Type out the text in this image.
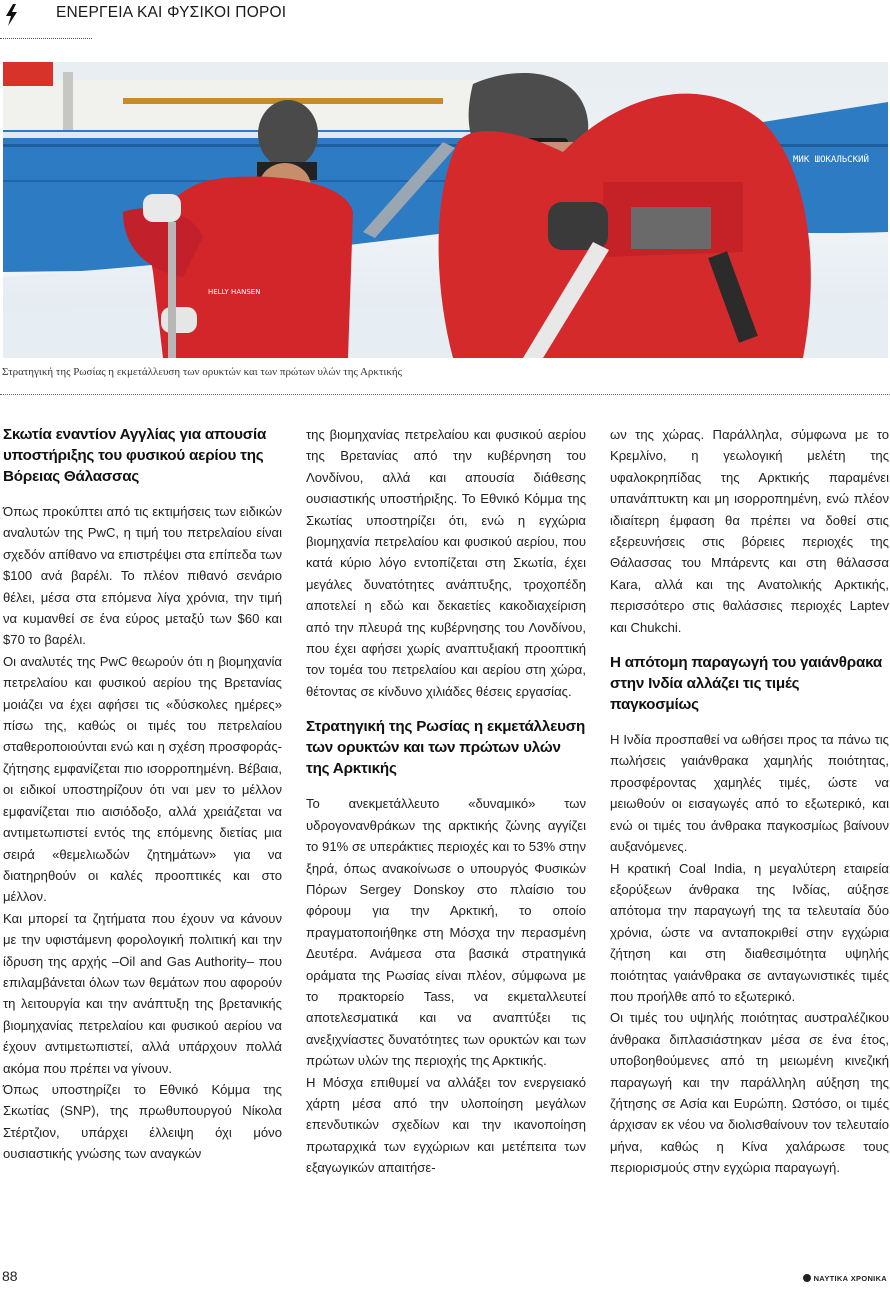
ΕΝΕΡΓΕΙΑ ΚΑΙ ΦΥΣΙΚΟΙ ΠΟΡΟΙ
МИК ШОКАЛЬСКИЙ
HELLY HANSEN
Στρατηγική της Ρωσίας η εκμετάλλευση των ορυκτών και των πρώτων υλών της Αρκτικής
Σκωτία εναντίον Αγγλίας για απουσία υποστήριξης του φυσικού αερίου της Βόρειας Θάλασσας

Όπως προκύπτει από τις εκτιμήσεις των ειδικών αναλυτών της PwC, η τιμή του πετρελαίου είναι σχεδόν απίθανο να επιστρέψει στα επίπεδα των $100 ανά βαρέλι. Το πλέον πιθανό σενάριο θέλει, μέσα στα επόμενα λίγα χρόνια, την τιμή να κυμανθεί σε ένα εύρος μεταξύ των $60 και $70 το βαρέλι.

Οι αναλυτές της PwC θεωρούν ότι η βιομηχανία πετρελαίου και φυσικού αερίου της Βρετανίας μοιάζει να έχει αφήσει τις «δύσκολες ημέρες» πίσω της, καθώς οι τιμές του πετρελαίου σταθεροποιούνται ενώ και η σχέση προσφοράς-ζήτησης εμφανίζεται πιο ισορροπημένη. Βέβαια, οι ειδικοί υποστηρίζουν ότι ναι μεν το μέλλον εμφανίζεται πιο αισιόδοξο, αλλά χρειάζεται να αντιμετωπιστεί εντός της επόμενης διετίας μια σειρά «θεμελιωδών ζητημάτων» για να διατηρηθούν οι καλές προοπτικές και στο μέλλον.

Και μπορεί τα ζητήματα που έχουν να κάνουν με την υφιστάμενη φορολογική πολιτική και την ίδρυση της αρχής –Oil and Gas Authority– που επιλαμβάνεται όλων των θεμάτων που αφορούν τη λειτουργία και την ανάπτυξη της βρετανικής βιομηχανίας πετρελαίου και φυσικού αερίου να έχουν αντιμετωπιστεί, αλλά υπάρχουν πολλά ακόμα που πρέπει να γίνουν.

Όπως υποστηρίζει το Εθνικό Κόμμα της Σκωτίας (SNP), της πρωθυπουργού Νίκολα Στέρτζιον, υπάρχει έλλειψη όχι μόνο ουσιαστικής γνώσης των αναγκών

της βιομηχανίας πετρελαίου και φυσικού αερίου της Βρετανίας από την κυβέρνηση του Λονδίνου, αλλά και απουσία διάθεσης ουσιαστικής υποστήριξης. Το Εθνικό Κόμμα της Σκωτίας υποστηρίζει ότι, ενώ η εγχώρια βιομηχανία πετρελαίου και φυσικού αερίου, που κατά κύριο λόγο εντοπίζεται στη Σκωτία, έχει μεγάλες δυνατότητες ανάπτυξης, τροχοπέδη αποτελεί η εδώ και δεκαετίες κακοδιαχείριση από την πλευρά της κυβέρνησης του Λονδίνου, που έχει αφήσει χωρίς αναπτυξιακή προοπτική τον τομέα του πετρελαίου και αερίου στη χώρα, θέτοντας σε κίνδυνο χιλιάδες θέσεις εργασίας.

Στρατηγική της Ρωσίας η εκμετάλλευση των ορυκτών και των πρώτων υλών της Αρκτικής

Το ανεκμετάλλευτο «δυναμικό» των υδρογονανθράκων της αρκτικής ζώνης αγγίζει το 91% σε υπεράκτιες περιοχές και το 53% στην ξηρά, όπως ανακοίνωσε ο υπουργός Φυσικών Πόρων Sergey Donskoy στο πλαίσιο του φόρουμ για την Αρκτική, το οποίο πραγματοποιήθηκε στη Μόσχα την περασμένη Δευτέρα. Ανάμεσα στα βασικά στρατηγικά οράματα της Ρωσίας είναι πλέον, σύμφωνα με το πρακτορείο Tass, να εκμεταλλευτεί αποτελεσματικά και να αναπτύξει τις ανεξιχνίαστες δυνατότητες των ορυκτών και των πρώτων υλών της περιοχής της Αρκτικής.

Η Μόσχα επιθυμεί να αλλάξει τον ενεργειακό χάρτη μέσα από την υλοποίηση μεγάλων επενδυτικών σχεδίων και την ικανοποίηση πρωταρχικά των εγχώριων και μετέπειτα των εξαγωγικών απαιτήσε-

ων της χώρας. Παράλληλα, σύμφωνα με το Κρεμλίνο, η γεωλογική μελέτη της υφαλοκρηπίδας της Αρκτικής παραμένει υπανάπτυκτη και μη ισορροπημένη, ενώ πλέον ιδιαίτερη έμφαση θα πρέπει να δοθεί στις εξερευνήσεις στις βόρειες περιοχές της Θάλασσας του Μπάρεντς και στη θάλασσα Kara, αλλά και της Ανατολικής Αρκτικής, περισσότερο στις θαλάσσιες περιοχές Laptev και Chukchi.

Η απότομη παραγωγή του γαιάνθρακα στην Ινδία αλλάζει τις τιμές παγκοσμίως

Η Ινδία προσπαθεί να ωθήσει προς τα πάνω τις πωλήσεις γαιάνθρακα χαμηλής ποιότητας, προσφέροντας χαμηλές τιμές, ώστε να μειωθούν οι εισαγωγές από το εξωτερικό, και ενώ οι τιμές του άνθρακα παγκοσμίως βαίνουν αυξανόμενες.

Η κρατική Coal India, η μεγαλύτερη εταιρεία εξορύξεων άνθρακα της Ινδίας, αύξησε απότομα την παραγωγή της τα τελευταία δύο χρόνια, ώστε να ανταποκριθεί στην εγχώρια ζήτηση και στη διαθεσιμότητα υψηλής ποιότητας γαιάνθρακα σε ανταγωνιστικές τιμές που προήλθε από το εξωτερικό.

Οι τιμές του υψηλής ποιότητας αυστραλέζικου άνθρακα διπλασιάστηκαν μέσα σε ένα έτος, υποβοηθούμενες από τη μειωμένη κινεζική παραγωγή και την παράλληλη αύξηση της ζήτησης σε Ασία και Ευρώπη. Ωστόσο, οι τιμές άρχισαν εκ νέου να διολισθαίνουν τον τελευταίο μήνα, καθώς η Κίνα χαλάρωσε τους περιορισμούς στην εγχώρια παραγωγή.

88	ΝΑΥΤΙΚΑ ΧΡΟΝΙΚΑ
